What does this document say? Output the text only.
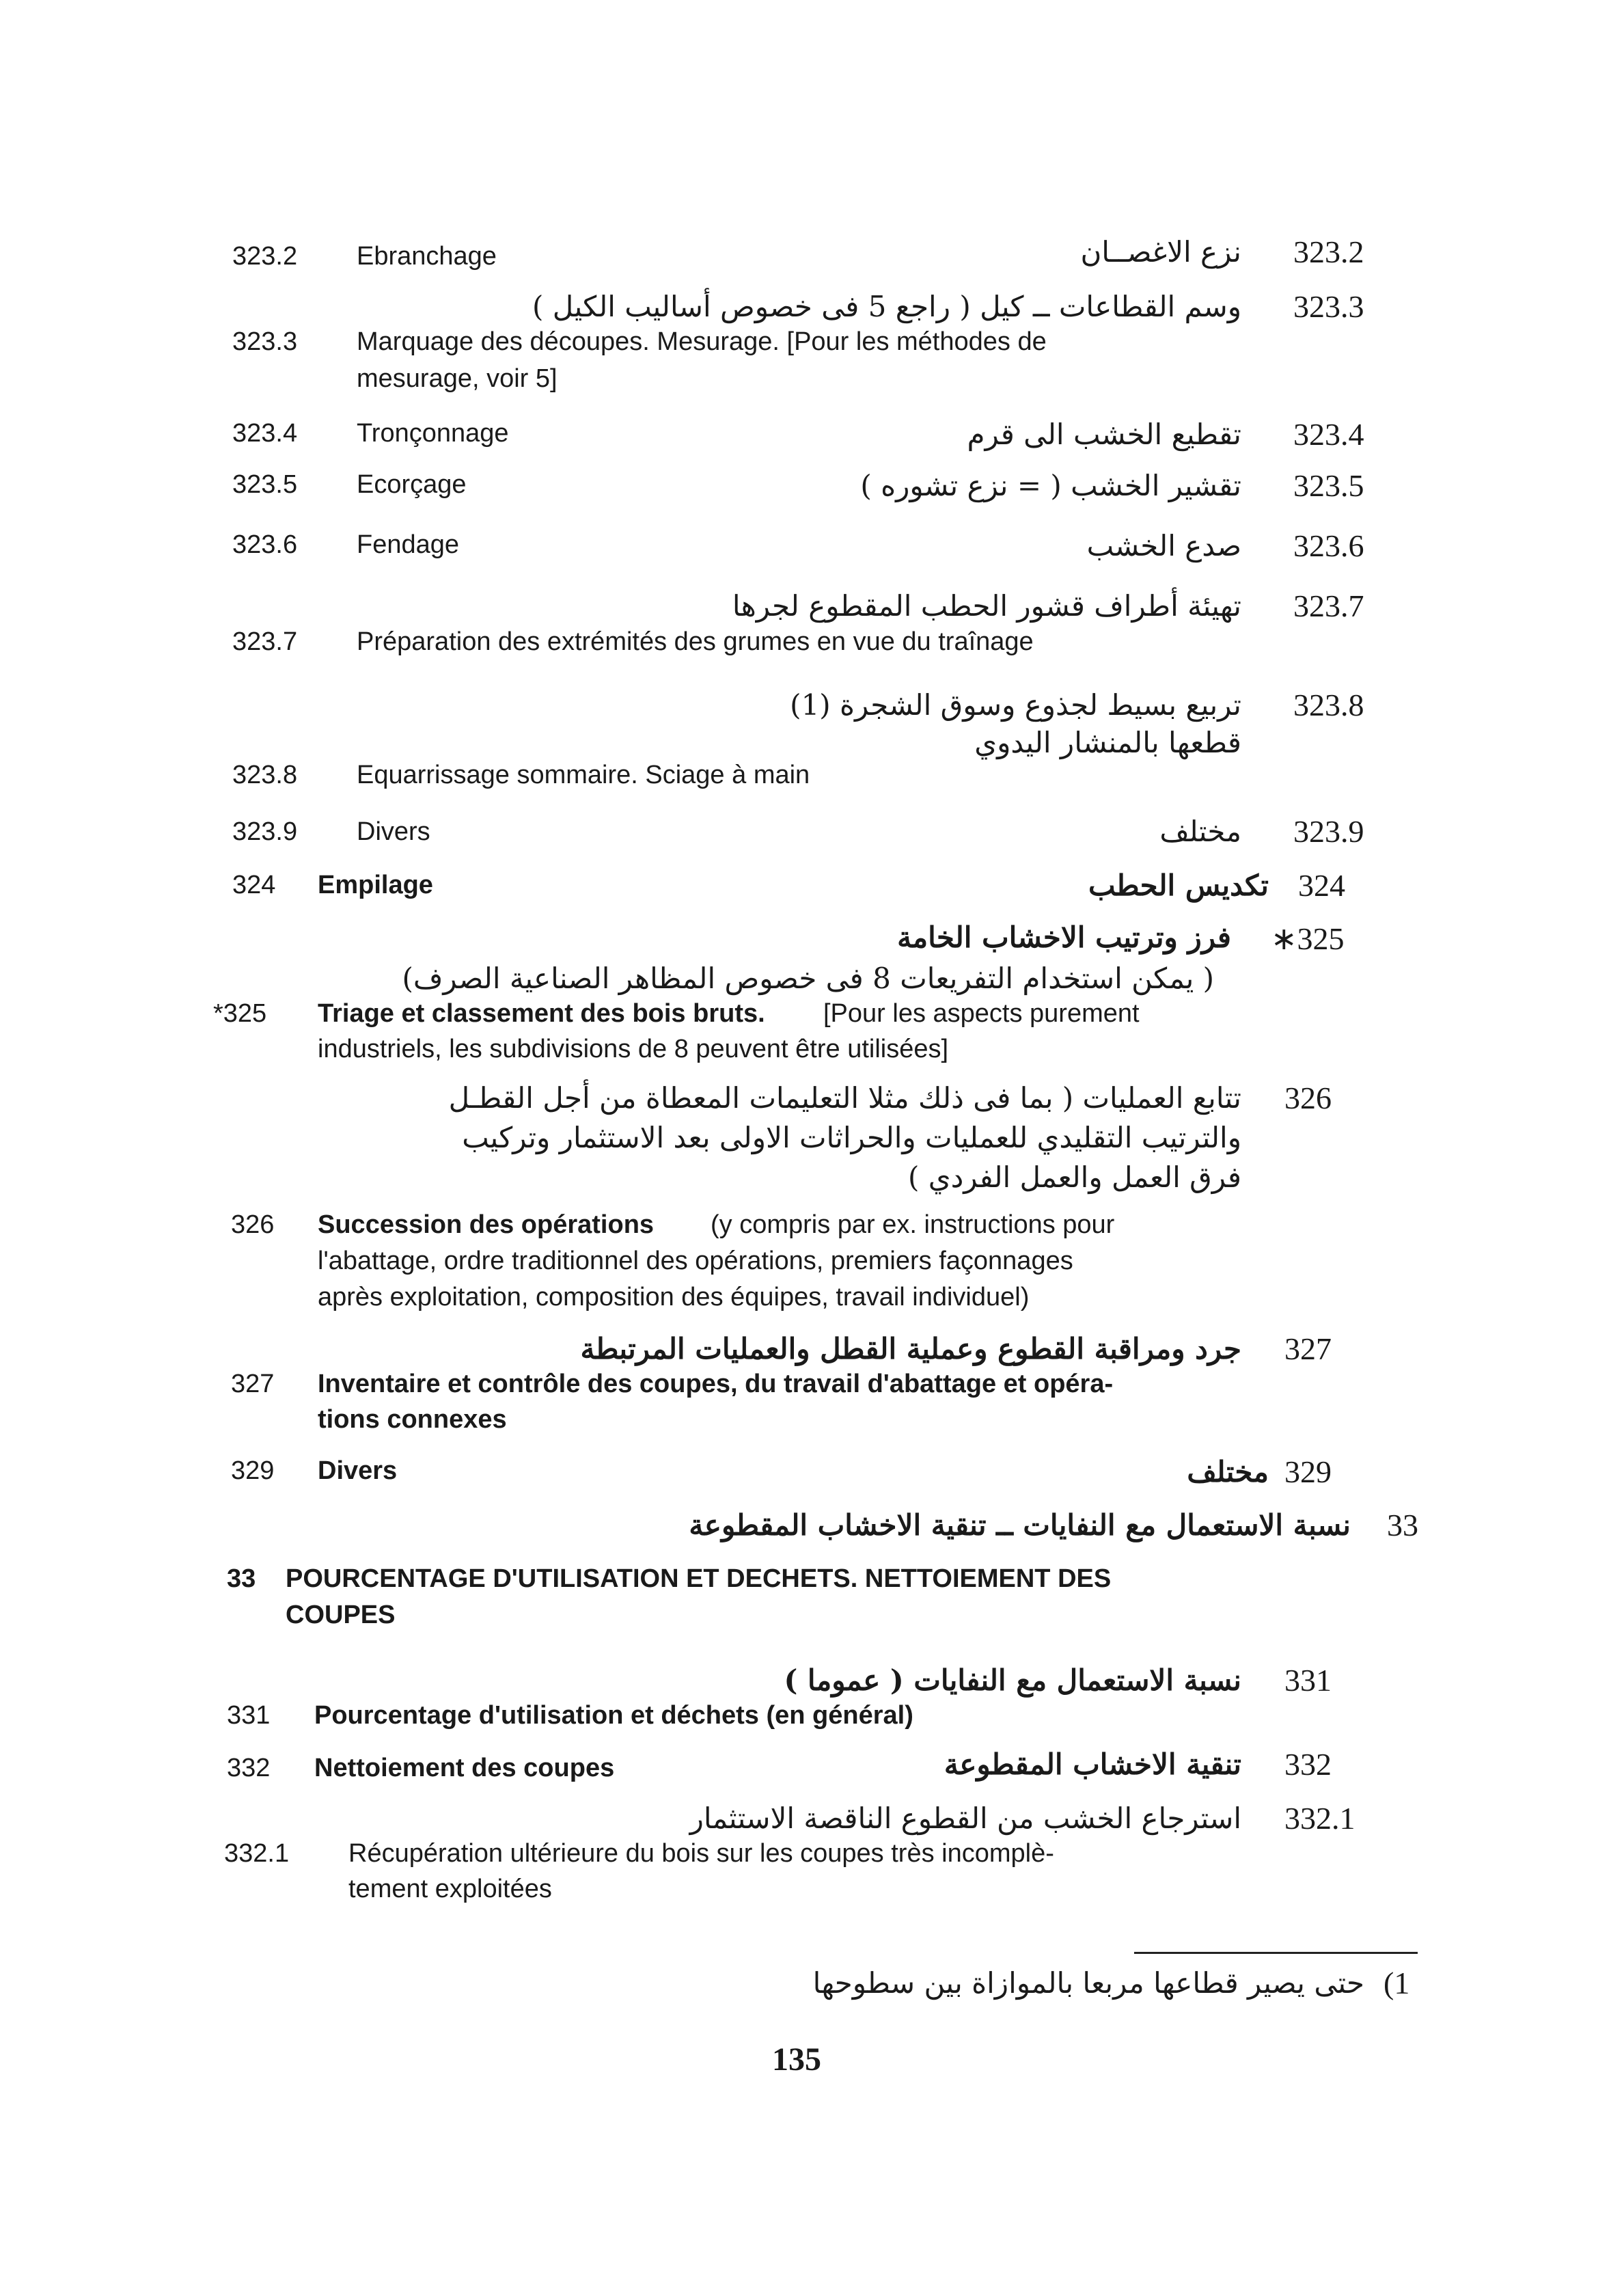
323.2
نزع الاغصــان
323.2 Ebranchage
323.3
وسم القطاعات ــ كيل ( راجع 5 فى خصوص أساليب الكيل )
323.3 Marquage des découpes. Mesurage. [Pour les méthodes de
mesurage, voir 5]
323.4
تقطيع الخشب الى قرم
323.4 Tronçonnage
323.5
تقشير الخشب ( = نزع تشوره )
323.5 Ecorçage
323.6
صدع الخشب
323.6 Fendage
323.7
تهيئة أطراف قشور الحطب المقطوع لجرها
323.7 Préparation des extrémités des grumes en vue du traînage
323.8
تربيع بسيط لجذوع وسوق الشجرة (1)
قطعها بالمنشار اليدوي
323.8 Equarrissage sommaire. Sciage à main
323.9
مختلف
323.9 Divers
324
تكديس الحطب
324 Empilage
∗325
فرز وترتيب الاخشاب الخامة
( يمكن استخدام التفريعات 8 فى خصوص المظاهر الصناعية الصرف)
*325 Triage et classement des bois bruts. [Pour les aspects purement
industriels, les subdivisions de 8 peuvent être utilisées]
326
تتابع العمليات ( بما فى ذلك مثلا التعليمات المعطاة من أجل القطـل
والترتيب التقليدي للعمليات والحراثات الاولى بعد الاستثمار وتركيب
فرق العمل والعمل الفردي )
326 Succession des opérations (y compris par ex. instructions pour
l'abattage, ordre traditionnel des opérations, premiers façonnages
après exploitation, composition des équipes, travail individuel)
327
جرد ومراقبة القطوع وعملية القطل والعمليات المرتبطة
327 Inventaire et contrôle des coupes, du travail d'abattage et opéra-
tions connexes
329
مختلف
329 Divers
33
نسبة الاستعمال مع النفايات ــ تنقية الاخشاب المقطوعة
33 POURCENTAGE D'UTILISATION ET DECHETS. NETTOIEMENT DES
COUPES
331
نسبة الاستعمال مع النفايات ( عموما )
331 Pourcentage d'utilisation et déchets (en général)
332
تنقية الاخشاب المقطوعة
332 Nettoiement des coupes
332.1
استرجاع الخشب من القطوع الناقصة الاستثمار
332.1 Récupération ultérieure du bois sur les coupes très incomplè-
tement exploitées
(1
حتى يصير قطاعها مربعا بالموازاة بين سطوحها
135
